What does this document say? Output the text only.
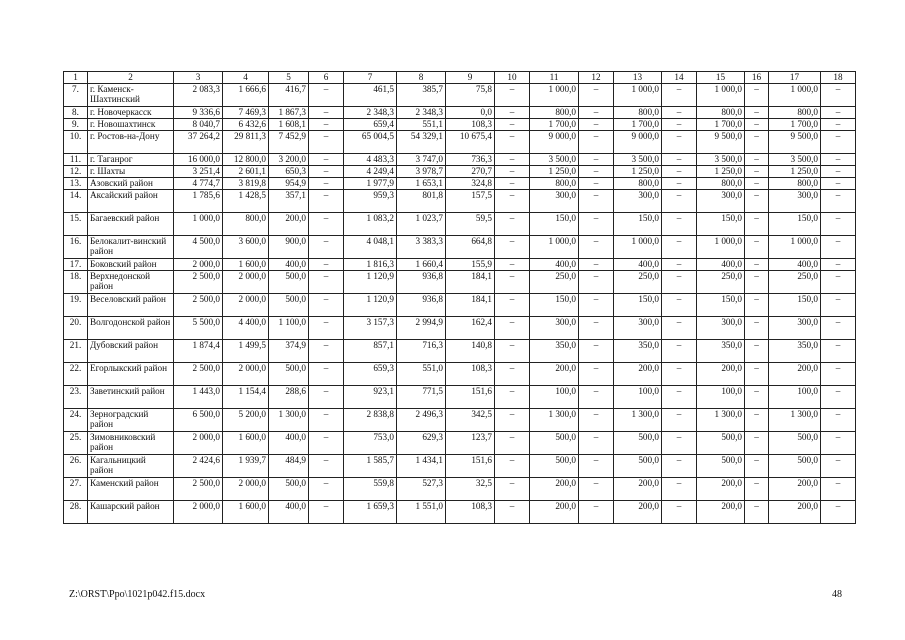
1	2	3	4	5	6	7	8	9	10	11	12	13	14	15	16	17	18
7.	г. Каменск-Шахтинский	2 083,3	1 666,6	416,7	–	461,5	385,7	75,8	–	1 000,0	–	1 000,0	–	1 000,0	–	1 000,0	–
8.	г. Новочеркасск	9 336,6	7 469,3	1 867,3	–	2 348,3	2 348,3	0,0	–	800,0	–	800,0	–	800,0	–	800,0	–
9.	г. Новошахтинск	8 040,7	6 432,6	1 608,1	–	659,4	551,1	108,3	–	1 700,0	–	1 700,0	–	1 700,0	–	1 700,0	–
10.	г. Ростов-на-Дону	37 264,2	29 811,3	7 452,9	–	65 004,5	54 329,1	10 675,4	–	9 000,0	–	9 000,0	–	9 500,0	–	9 500,0	–
11.	г. Таганрог	16 000,0	12 800,0	3 200,0	–	4 483,3	3 747,0	736,3	–	3 500,0	–	3 500,0	–	3 500,0	–	3 500,0	–
12.	г. Шахты	3 251,4	2 601,1	650,3	–	4 249,4	3 978,7	270,7	–	1 250,0	–	1 250,0	–	1 250,0	–	1 250,0	–
13.	Азовский район	4 774,7	3 819,8	954,9	–	1 977,9	1 653,1	324,8	–	800,0	–	800,0	–	800,0	–	800,0	–
14.	Аксайский район	1 785,6	1 428,5	357,1	–	959,3	801,8	157,5	–	300,0	–	300,0	–	300,0	–	300,0	–
15.	Багаевский район	1 000,0	800,0	200,0	–	1 083,2	1 023,7	59,5	–	150,0	–	150,0	–	150,0	–	150,0	–
16.	Белокалит-винский район	4 500,0	3 600,0	900,0	–	4 048,1	3 383,3	664,8	–	1 000,0	–	1 000,0	–	1 000,0	–	1 000,0	–
17.	Боковский район	2 000,0	1 600,0	400,0	–	1 816,3	1 660,4	155,9	–	400,0	–	400,0	–	400,0	–	400,0	–
18.	Верхнедонской район	2 500,0	2 000,0	500,0	–	1 120,9	936,8	184,1	–	250,0	–	250,0	–	250,0	–	250,0	–
19.	Веселовский район	2 500,0	2 000,0	500,0	–	1 120,9	936,8	184,1	–	150,0	–	150,0	–	150,0	–	150,0	–
20.	Волгодонской район	5 500,0	4 400,0	1 100,0	–	3 157,3	2 994,9	162,4	–	300,0	–	300,0	–	300,0	–	300,0	–
21.	Дубовский район	1 874,4	1 499,5	374,9	–	857,1	716,3	140,8	–	350,0	–	350,0	–	350,0	–	350,0	–
22.	Егорлыкский район	2 500,0	2 000,0	500,0	–	659,3	551,0	108,3	–	200,0	–	200,0	–	200,0	–	200,0	–
23.	Заветинский район	1 443,0	1 154,4	288,6	–	923,1	771,5	151,6	–	100,0	–	100,0	–	100,0	–	100,0	–
24.	Зерноградский район	6 500,0	5 200,0	1 300,0	–	2 838,8	2 496,3	342,5	–	1 300,0	–	1 300,0	–	1 300,0	–	1 300,0	–
25.	Зимовниковский район	2 000,0	1 600,0	400,0	–	753,0	629,3	123,7	–	500,0	–	500,0	–	500,0	–	500,0	–
26.	Кагальницкий район	2 424,6	1 939,7	484,9	–	1 585,7	1 434,1	151,6	–	500,0	–	500,0	–	500,0	–	500,0	–
27.	Каменский район	2 500,0	2 000,0	500,0	–	559,8	527,3	32,5	–	200,0	–	200,0	–	200,0	–	200,0	–
28.	Кашарский район	2 000,0	1 600,0	400,0	–	1 659,3	1 551,0	108,3	–	200,0	–	200,0	–	200,0	–	200,0	–
Z:\ORST\Ppo\1021p042.f15.docx	48
